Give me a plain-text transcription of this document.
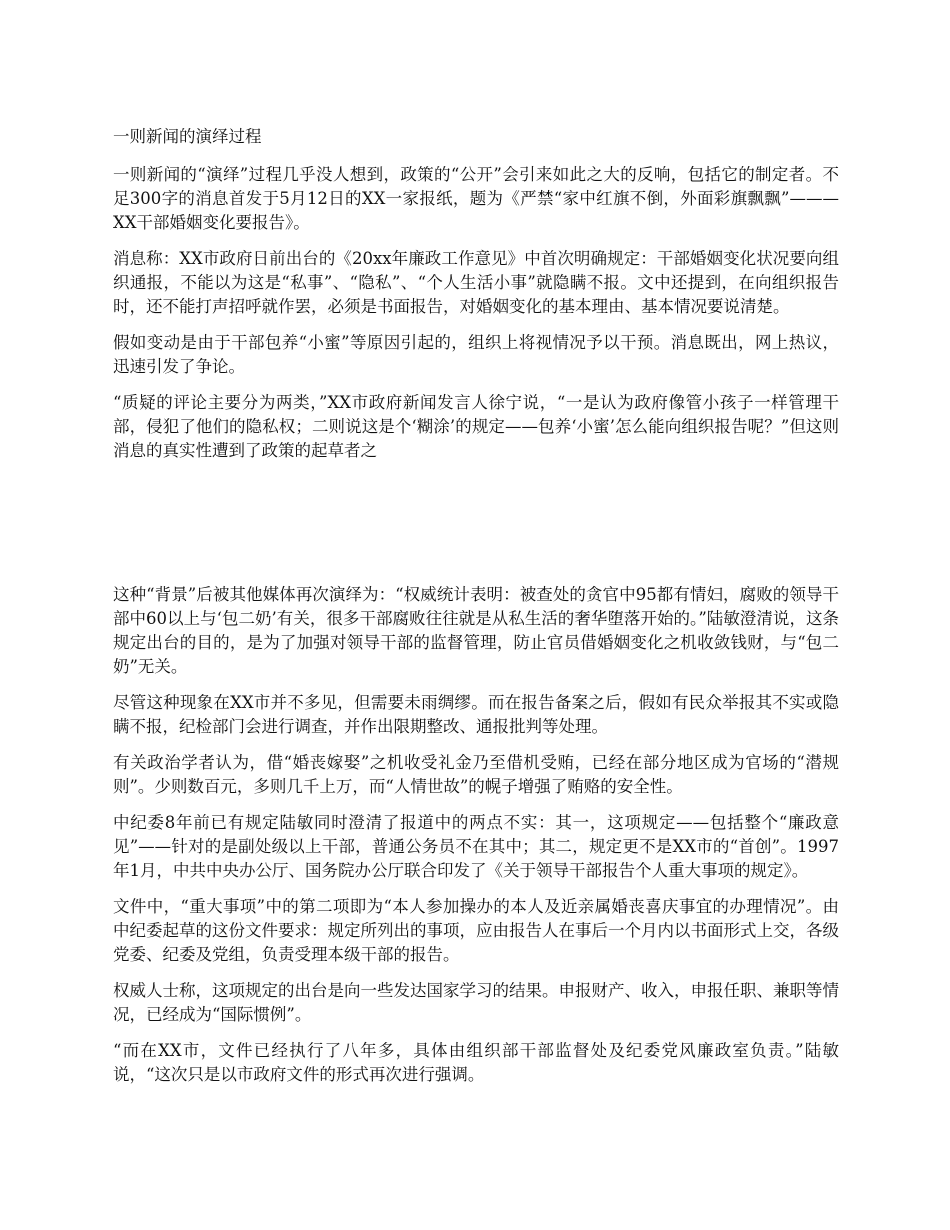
一则新闻的演绎过程

一则新闻的“演绎”过程几乎没人想到，政策的“公开”会引来如此之大的反响，包括它的制定者。不足300字的消息首发于5月12日的XX一家报纸，题为《严禁“家中红旗不倒，外面彩旗飘飘”———XX干部婚姻变化要报告》。

消息称：XX市政府日前出台的《20xx年廉政工作意见》中首次明确规定：干部婚姻变化状况要向组织通报，不能以为这是“私事”、“隐私”、“个人生活小事”就隐瞒不报。文中还提到，在向组织报告时，还不能打声招呼就作罢，必须是书面报告，对婚姻变化的基本理由、基本情况要说清楚。

假如变动是由于干部包养“小蜜”等原因引起的，组织上将视情况予以干预。消息既出，网上热议，迅速引发了争论。

“质疑的评论主要分为两类，”XX市政府新闻发言人徐宁说，“一是认为政府像管小孩子一样管理干部，侵犯了他们的隐私权；二则说这是个‘糊涂’的规定——包养‘小蜜’怎么能向组织报告呢？”但这则消息的真实性遭到了政策的起草者之

这种“背景”后被其他媒体再次演绎为：“权威统计表明：被查处的贪官中95都有情妇，腐败的领导干部中60以上与‘包二奶’有关，很多干部腐败往往就是从私生活的奢华堕落开始的。”陆敏澄清说，这条规定出台的目的，是为了加强对领导干部的监督管理，防止官员借婚姻变化之机收敛钱财，与“包二奶”无关。

尽管这种现象在XX市并不多见，但需要未雨绸缪。而在报告备案之后，假如有民众举报其不实或隐瞒不报，纪检部门会进行调查，并作出限期整改、通报批判等处理。

有关政治学者认为，借“婚丧嫁娶”之机收受礼金乃至借机受贿，已经在部分地区成为官场的“潜规则”。少则数百元，多则几千上万，而“人情世故”的幌子增强了贿赂的安全性。

中纪委8年前已有规定陆敏同时澄清了报道中的两点不实：其一，这项规定——包括整个“廉政意见”——针对的是副处级以上干部，普通公务员不在其中；其二，规定更不是XX市的“首创”。1997年1月，中共中央办公厅、国务院办公厅联合印发了《关于领导干部报告个人重大事项的规定》。

文件中，“重大事项”中的第二项即为“本人参加操办的本人及近亲属婚丧喜庆事宜的办理情况”。由中纪委起草的这份文件要求：规定所列出的事项，应由报告人在事后一个月内以书面形式上交，各级党委、纪委及党组，负责受理本级干部的报告。

权威人士称，这项规定的出台是向一些发达国家学习的结果。申报财产、收入，申报任职、兼职等情况，已经成为“国际惯例”。

“而在XX市，文件已经执行了八年多，具体由组织部干部监督处及纪委党风廉政室负责。”陆敏说，“这次只是以市政府文件的形式再次进行强调。
